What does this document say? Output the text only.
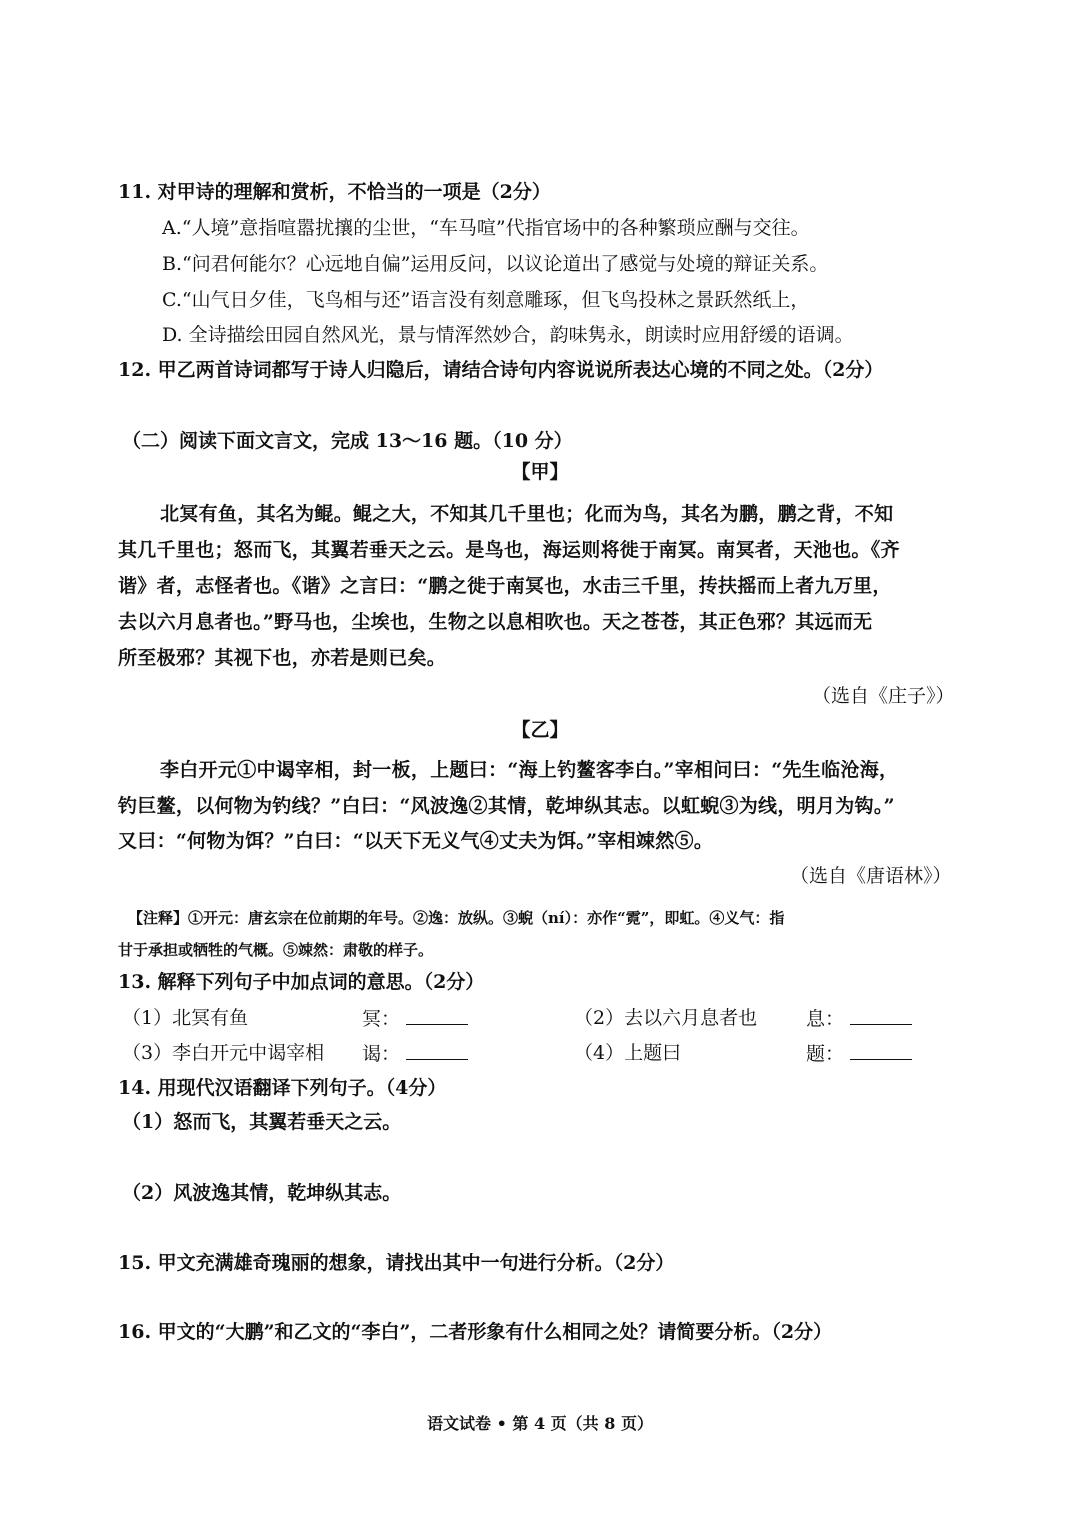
11. 对甲诗的理解和赏析，不恰当的一项是（2分）
A.“人境”意指喧嚣扰攘的尘世，“车马喧”代指官场中的各种繁琐应酬与交往。
B.“问君何能尔？心远地自偏”运用反问，以议论道出了感觉与处境的辩证关系。
C.“山气日夕佳，飞鸟相与还”语言没有刻意雕琢，但飞鸟投林之景跃然纸上，
D. 全诗描绘田园自然风光，景与情浑然妙合，韵味隽永，朗读时应用舒缓的语调。
12. 甲乙两首诗词都写于诗人归隐后，请结合诗句内容说说所表达心境的不同之处。（2分）
（二）阅读下面文言文，完成 13～16 题。（10 分）
【甲】
北冥有鱼，其名为鲲。鲲之大，不知其几千里也；化而为鸟，其名为鹏，鹏之背，不知
其几千里也；怒而飞，其翼若垂天之云。是鸟也，海运则将徙于南冥。南冥者，天池也。《齐
谐》者，志怪者也。《谐》之言曰：“鹏之徙于南冥也，水击三千里，抟扶摇而上者九万里，
去以六月息者也。”野马也，尘埃也，生物之以息相吹也。天之苍苍，其正色邪？其远而无
所至极邪？其视下也，亦若是则已矣。
（选自《庄子》）
【乙】
李白开元①中谒宰相，封一板，上题曰：“海上钓鳌客李白。”宰相问曰：“先生临沧海，
钓巨鳌，以何物为钓线？”白曰：“风波逸②其情，乾坤纵其志。以虹蜺③为线，明月为钩。”
又曰：“何物为饵？”白曰：“以天下无义气④丈夫为饵。”宰相竦然⑤。
（选自《唐语林》）
【注释】①开元：唐玄宗在位前期的年号。②逸：放纵。③蜺（ní）：亦作“霓”，即虹。④义气：指
甘于承担或牺牲的气概。⑤竦然：肃敬的样子。
13. 解释下列句子中加点词的意思。（2分）
（1）北冥有鱼	冥：	（2）去以六月息者也	息：
（3）李白开元中谒宰相 谒：	（4）上题曰	题：
14. 用现代汉语翻译下列句子。（4分）
（1）怒而飞，其翼若垂天之云。
（2）风波逸其情，乾坤纵其志。
15. 甲文充满雄奇瑰丽的想象，请找出其中一句进行分析。（2分）
16. 甲文的“大鹏”和乙文的“李白”，二者形象有什么相同之处？请简要分析。（2分）
语文试卷 • 第 4 页（共 8 页）
